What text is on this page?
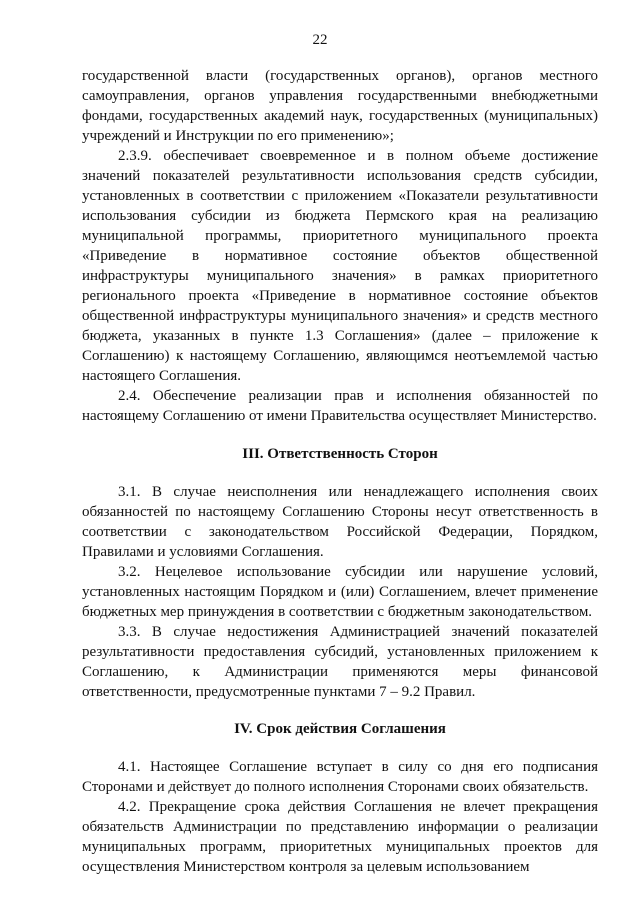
22

государственной власти (государственных органов), органов местного самоуправления, органов управления государственными внебюджетными фондами, государственных академий наук, государственных (муниципальных) учреждений и Инструкции по его применению»;

2.3.9. обеспечивает своевременное и в полном объеме достижение значений показателей результативности использования средств субсидии, установленных в соответствии с приложением «Показатели результативности использования субсидии из бюджета Пермского края на реализацию муниципальной программы, приоритетного муниципального проекта «Приведение в нормативное состояние объектов общественной инфраструктуры муниципального значения» в рамках приоритетного регионального проекта «Приведение в нормативное состояние объектов общественной инфраструктуры муниципального значения» и средств местного бюджета, указанных в пункте 1.3 Соглашения» (далее – приложение к Соглашению) к настоящему Соглашению, являющимся неотъемлемой частью настоящего Соглашения.

2.4. Обеспечение реализации прав и исполнения обязанностей по настоящему Соглашению от имени Правительства осуществляет Министерство.

III. Ответственность Сторон

3.1. В случае неисполнения или ненадлежащего исполнения своих обязанностей по настоящему Соглашению Стороны несут ответственность в соответствии с законодательством Российской Федерации, Порядком, Правилами и условиями Соглашения.

3.2. Нецелевое использование субсидии или нарушение условий, установленных настоящим Порядком и (или) Соглашением, влечет применение бюджетных мер принуждения в соответствии с бюджетным законодательством.

3.3. В случае недостижения Администрацией значений показателей результативности предоставления субсидий, установленных приложением к Соглашению, к Администрации применяются меры финансовой ответственности, предусмотренные пунктами 7 – 9.2 Правил.

IV. Срок действия Соглашения

4.1. Настоящее Соглашение вступает в силу со дня его подписания Сторонами и действует до полного исполнения Сторонами своих обязательств.

4.2. Прекращение срока действия Соглашения не влечет прекращения обязательств Администрации по представлению информации о реализации муниципальных программ, приоритетных муниципальных проектов для осуществления Министерством контроля за целевым использованием
